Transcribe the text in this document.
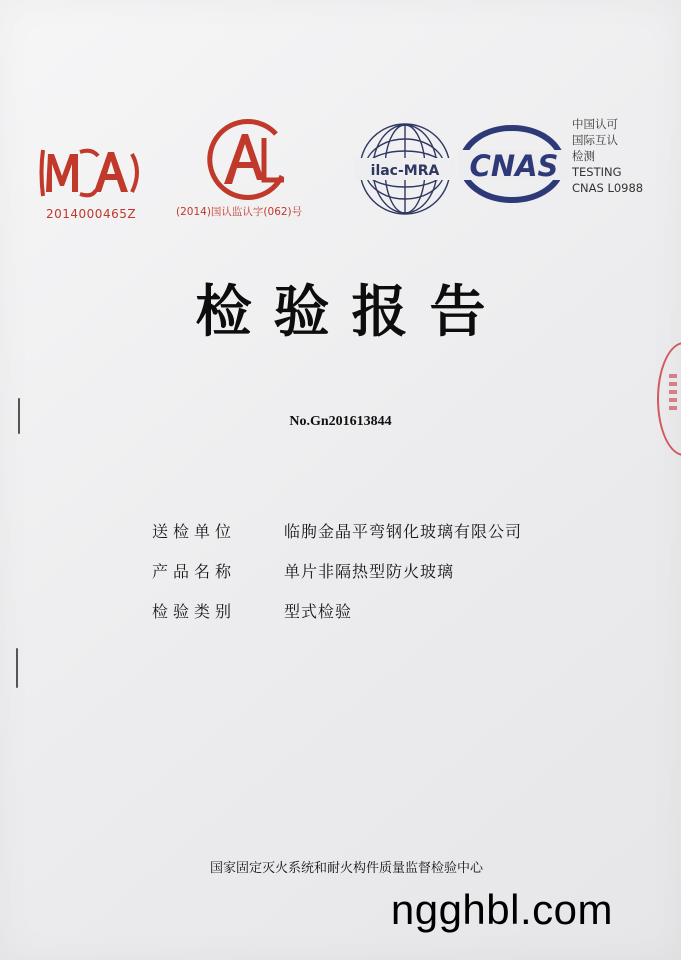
2014000465Z	(2014)国认监认字(062)号
ilac-MRA CNAS
中国认可
国际互认
检测
TESTING
CNAS L0988
检验报告
No.Gn201613844
送检单位	临朐金晶平弯钢化玻璃有限公司
产品名称	单片非隔热型防火玻璃
检验类别	型式检验
国家固定灭火系统和耐火构件质量监督检验中心
ngghbl.com
